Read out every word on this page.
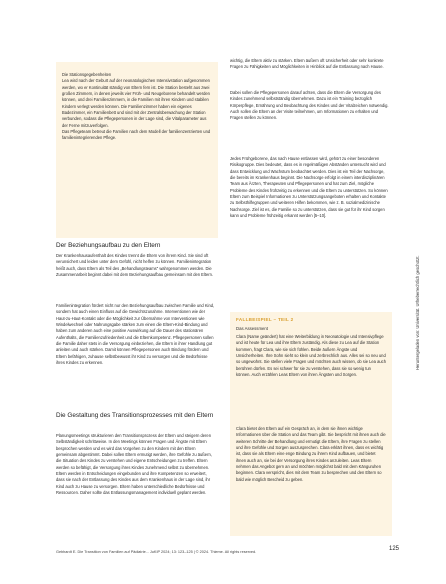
Die Stationsgegebenheiten

Lea wird nach der Geburt auf der neonatologischen Intensivstation aufgenommen werden, wo er Kontinuität ständig von Eltern fern ist. Die Station besteht aus zwei großen Zimmern, in denen jeweils vier Früh- und Neugeborene behandelt werden können, und drei Familienzimmern, in die Familien mit ihren Kindern und stabilen Kindern verlegt werden können. Die Familienzimmer haben ein eigenes Badezimmer, ein Familienbett und sind mit der Zentralüberwachung der Station verbunden, sodass die Pflegepersonen in der Lage sind, die Vitalparameter aus der Ferne mitzuverfolgen.

Das Pflegeteam betreut die Familien nach dem Modell der familienzentrierten und familienintegrierenden Pflege.

Der Beziehungsaufbau zu den Eltern

Der Krankenhausaufenthalt des Kindes trennt die Eltern von ihrem Kind. Sie sind oft verunsichert und leiden unter dem Gefühl, nicht helfen zu können. Familienintegration heißt auch, dass Eltern als Teil des „Behandlungsteams" wahrgenommen werden. Die Zusammenarbeit beginnt dabei mit dem Beziehungsaufbau gemeinsam mit den Eltern.

Familienintegration fördert nicht nur den Beziehungsaufbau zwischen Familie und Kind, sondern hat auch einen Einfluss auf die Gewichtszunahme. Interventionen wie der Haut-zu-Haut-Kontakt oder die Möglichkeit zur Übernahme von Interventionen wie Windelwechsel oder Nahrungsgabe stärken zum einen die Eltern-Kind-Bindung und haben zum anderen auch eine positive Auswirkung auf die Dauer des stationären Aufenthalts, die Familienzufriedenheit und die Elternkompetenz. Pflegepersonen sollen die Familie daher stets in die Versorgung einbeziehen, die Eltern in ihrer Handlung gut anleiten und auch stärken. Damit können Pflegepersonen auch Bindung fördern und Eltern befähigen, zuhause selbstbewusst ihr Kind zu versorgen und die Bedürfnisse ihres Kindes zu erkennen.

Die Gestaltung des Transitionsprozesses mit den Eltern

Planungsmeetings strukturieren den Transitionsprozess der Eltern und steigern deren Selbständigkeit schrittweise. In den Meetings können Fragen und Ängste mit Eltern besprochen werden und es wird das Vorgehen zu den Kindern mit den Eltern gemeinsam abgestimmt. Dabei sollen Eltern ermutigt werden, ihre Gefühle zu äußern, die Situation des Kindes zu verstehen und eigene Entscheidungen zu treffen. Eltern werden so befähigt, die Versorgung ihres Kindes zunehmend selbst zu übernehmen. Eltern werden in Entscheidungen eingebunden und ihre Kompetenzen so erweitert, dass sie nach der Entlassung des Kindes aus dem Krankenhaus in der Lage sind, ihr Kind auch zu Hause zu versorgen. Eltern haben unterschiedliche Bedürfnisse und Ressourcen. Daher sollte das Entlassungsmanagement individuell geplant werden.

wichtig, die Eltern aktiv zu stärken. Eltern äußern oft Unsicherheit oder sehr konkrete Fragen zu Fähigkeiten und Möglichkeiten in Hinblick auf die Entlassung nach Hause.

Dabei sollen die Pflegepersonen darauf achten, dass die Eltern die Versorgung des Kindes zunehmend selbstständig übernehmen. Dazu ist ein Training bezüglich Körperpflege, Ernährung und Beobachtung des Kindes und der Vitalzeichen notwendig. Auch sollen die Eltern an der Visite teilnehmen, um Informationen zu erhalten und Fragen stellen zu können.

Jedes Frühgeborene, das nach Hause entlassen wird, gehört zu einer besonderen Risikogruppe. Dies bedeutet, dass es in regelmäßigen Abständen untersucht wird und dass Entwicklung und Wachstum beobachtet werden. Dies ist ein Teil der Nachsorge, die bereits im Krankenhaus beginnt. Die Nachsorge erfolgt in einem interdisziplinären Team aus Ärzten, Therapeuten und Pflegepersonen und hat zum Ziel, mögliche Probleme des Kindes frühzeitig zu erkennen und die Eltern zu unterstützen. So können Eltern zum Beispiel Informationen zu Unterstützungsangeboten erhalten und Kontakte zu Selbsthilfegruppen und weiteren Hilfen bekommen, wie z. B. sozialmedizinische Nachsorge. Ziel ist es, die Familie so zu unterstützen, dass sie gut für ihr Kind sorgen kann und Probleme frühzeitig erkannt werden [5–10].

FALLBEISPIEL – TEIL 2
Das Assessment

Clara (Name geändert) hat eine Weiterbildung in Neonatologie und Intensivpflege und ist heute für Lea und ihre Eltern zuständig. Als diese zu Lea auf die Station kommen, fragt Clara, wie sie sich fühlen. Beide äußern Ängste und Unsicherheiten. Ihre Sohn sieht so klein und zerbrechlich aus. Alles sei so neu und so ungewohnt. Sie stellen viele Fragen und möchten auch wissen, ob sie Lea auch berühren dürfen. Es sei schwer für sie zu verstehen, dass sie so wenig tun können. Auch erzählen Leas Eltern von ihren Ängsten und Sorgen.

Clara bietet den Eltern auf ein Gespräch an, in dem sie ihnen wichtige Informationen über die Station und das Team gibt. Sie bespricht mit ihnen auch die weiteren Schritte der Behandlung und ermutigt die Eltern, ihre Fragen zu stellen und ihre Gefühle und Sorgen auszusprechen. Clara erklärt ihnen, dass es wichtig ist, dass sie als Eltern eine enge Bindung zu ihrem Kind aufbauen, und bietet ihnen auch an, sie bei der Versorgung ihres Kindes anzuleiten. Leas Eltern nehmen das Angebot gern an und möchten möglichst bald mit dem Känguruhen beginnen. Clara verspricht, dies mit dem Team zu besprechen und den Eltern so bald wie möglich Bescheid zu geben.

Heruntergeladen von: Universität. Urheberrechtlich geschützt.
Gebhardt E. Die Transition von Familien auf Pädiatrie... JuKIP 2024; 13: 123–125 | © 2024. Thieme. All rights reserved.	125
